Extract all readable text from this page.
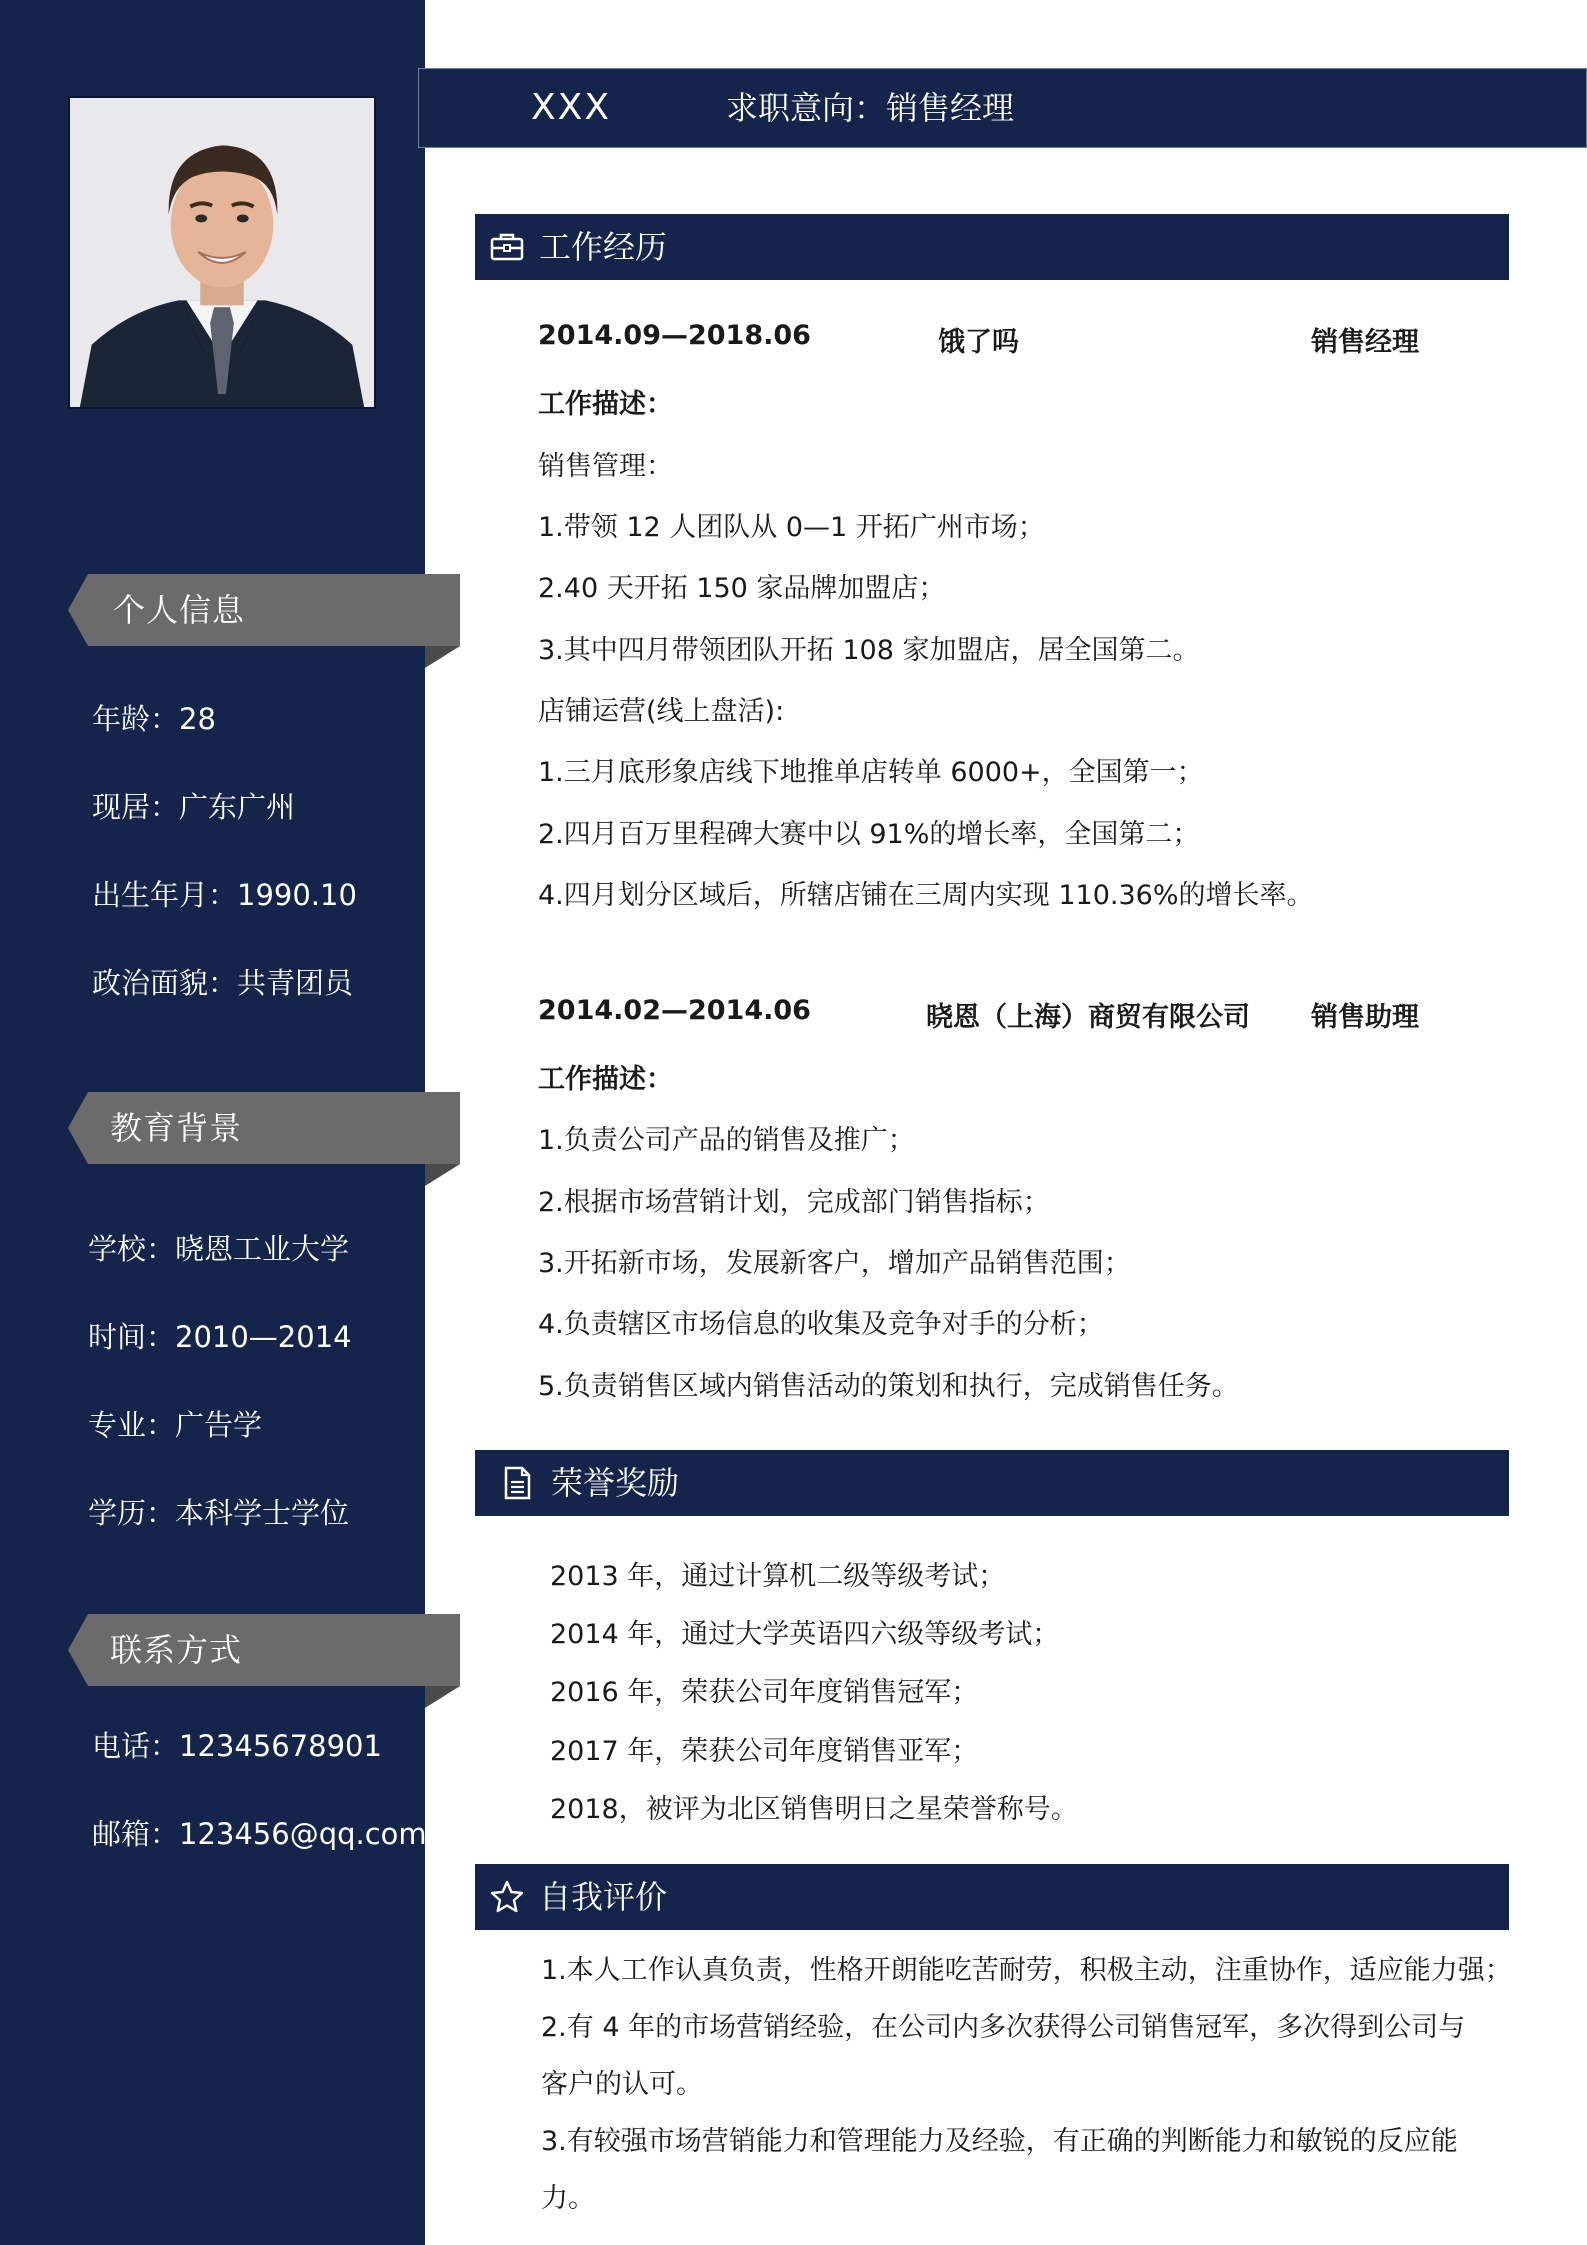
个人信息
年龄：28
现居：广东广州
出生年月：1990.10
政治面貌：共青团员
教育背景
学校：晓恩工业大学
时间：2010—2014
专业：广告学
学历：本科学士学位
联系方式
电话：12345678901
邮箱：123456@qq.com
XXX	求职意向：销售经理
工作经历
2014.09—2018.06	饿了吗	销售经理
工作描述：
销售管理：
1.带领 12 人团队从 0—1 开拓广州市场；
2.40 天开拓 150 家品牌加盟店；
3.其中四月带领团队开拓 108 家加盟店，居全国第二。
店铺运营(线上盘活):
1.三月底形象店线下地推单店转单 6000+，全国第一；
2.四月百万里程碑大赛中以 91%的增长率，全国第二；
4.四月划分区域后，所辖店铺在三周内实现 110.36%的增长率。
2014.02—2014.06	晓恩（上海）商贸有限公司 销售助理
工作描述：
1.负责公司产品的销售及推广；
2.根据市场营销计划，完成部门销售指标；
3.开拓新市场，发展新客户，增加产品销售范围；
4.负责辖区市场信息的收集及竞争对手的分析；
5.负责销售区域内销售活动的策划和执行，完成销售任务。
荣誉奖励
2013 年，通过计算机二级等级考试；
2014 年，通过大学英语四六级等级考试；
2016 年，荣获公司年度销售冠军；
2017 年，荣获公司年度销售亚军；
2018，被评为北区销售明日之星荣誉称号。
自我评价
1.本人工作认真负责，性格开朗能吃苦耐劳，积极主动，注重协作，适应能力强；
2.有 4 年的市场营销经验，在公司内多次获得公司销售冠军，多次得到公司与
客户的认可。
3.有较强市场营销能力和管理能力及经验，有正确的判断能力和敏锐的反应能
力。
